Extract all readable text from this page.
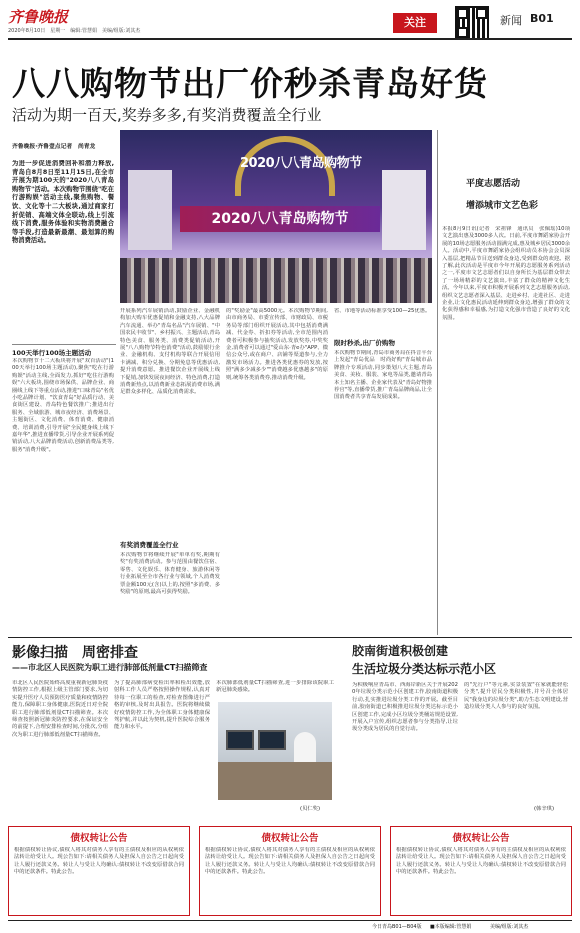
齐鲁晚报
2020年8月10日　星期一　编辑:管慧娟　美编/组版:刘其杰
关注	新闻 B01
八八购物节出厂价秒杀青岛好货
活动为期一百天,奖券多多,有奖消费覆盖全行业
齐鲁晚报·齐鲁壹点记者　尚青龙
2020八八青岛购物节
2020八八青岛购物节
为进一步促进消费回补和潜力释放,青岛自8月8日至11月15日,在全市开展为期100天的"2020八八青岛购物节"活动。本次购物节围绕"吃在行游购娱"活动主线,聚焦购物、餐饮、文化等十二大板块,通过商家打折促销、高端文体全联动,线上引流线下消费,服务体验和实物消费融合等手段,打造最新最潮、最划算的购物消费活动。
100天举行100场主题活动
本次购物节十二大板块将开展"双百活动"(100天举行100场主题活动),聚焦"吃在行游购娱"活动主线,全面发力,抓好"吃住行游购娱"六大板块,围绕市场保供、品牌企业、商圈线上线下等重点活动,推进"口味青岛"名优小吃品牌计划、"饮食青岛"好品质行动、美食街区建设、青岛特色餐饮推广;推进出行服务、全域旅游、城市夜经济、消费场景、主题街区、文化消费、体育消费、健康消费、培训消费,引导开展"全民健身线上线下嘉年华",推进直播带货,引导企业开展系列促销活动,八大品牌消费活动,创新消费品类等,服务"消费升级"。
开展系列汽车展销活动,鼓励企业、金融机构加大购车优惠促销和金融支持,八大品牌汽车流通、举办"青岛名品"汽车展销、"中国农民丰收节"、乡村振兴、主题活动,青岛特色美食、服务类、消费类促销活动,开展"八八购物节特色消费"活动,鼓励银行企业、金融机构、支付机构等联合开展信用卡满减、积分兑换、分期免息等优惠活动,提升消费意愿。推进餐饮企业开展线上线下促销,加快发展夜间经济、特色消费,打造消费新热点,以消费新业态拓展消费市场,满足群众多样化、品质化消费需求。
有奖消费覆盖全行业
本次购物节将继续开展"单单有奖,期期有奖"有奖消费活动。参与范围由餐饮住宿、零售、文化娱乐、体育健身、旅游休闲等行业拓展至全市各行业与领域,个人消费发票金额100元(含)以上的,按照"多消费、多奖励"的原则,最高可获得奖励。
的"奖励金"最高5000元。本次购物节期间,由市商务局、市委宣传部、市财政局、市税务局等部门组织开展活动,其中包括消费满减、代金券、折扣券等活动,全市范围内消费者可积极参与抽奖活动,发放奖券,中奖奖金,消费者可以通过"爱山东·青e办"APP、微信公众号,或在商户、店铺等渠道参与,全力激发市场活力。推进各类优惠券的发放,按照"满多少减多少""消费越多优惠越多"的原则,统筹各类消费券,推动消费升级。
省、市地等活动标准享受100—25优惠。
限时秒杀,出厂价购物
本次购物节期间,青岛市商务局在抖音平台上发起"青岛优品　时尚好购"青岛城市品牌推介专项活动,同步策划八大主题,青岛美食、美妆、服装、家电等品类,邀请青岛本土知名主播、企业家代表及"青岛好物推荐官"等,直播带货,推广青岛品牌商品,让全国消费者共享青岛发展成果。
平度志愿活动
增添城市文艺色彩
本报8月9日讯(记者　宋祖锋　通讯员　张佩瑶)10项文艺演出惠及3000多人次。日前,平度市舞蹈家协会开展的10场志愿服务活动圆满完成,惠及城乡居民3000余人。活动中,平度市舞蹈家协会组织动员本协会会员深入基层,把精品节目送到群众身边,受到群众的欢迎。据了解,此次活动是平度市今年开展的志愿服务系列活动之一,平度市文艺志愿者们以自身所长为基层群众带去了一场场精彩的文艺演出,丰富了群众的精神文化生活。今年以来,平度市积极开展系列文艺志愿服务活动,组织文艺志愿者深入基层、走进乡村、走进社区、走进企业,让文化惠民活动延伸到群众身边,增强了群众的文化获得感和幸福感,为打造文化强市营造了良好的文化氛围。
影像扫描　周密排查
——市北区人民医院为职工进行肺部低剂量CT扫描筛查
市北区人民医院始终高度重视新冠肺炎疫情防控工作,根据上级主管部门要求,为切实提升医疗人员预防医疗质量和疫情防控能力,保障职工身体健康,医院近日对全院职工进行肺部低剂量CT扫描筛查。本次筛查按照新冠肺炎防控要求,在保证安全的前提下,合理安排检查时间,分批次,分组次为职工进行肺部低剂量CT扫描筛查。
为了提高肺部病变检出率和检出效能,放射科工作人员严格按照操作规程,认真对待每一位职工的检查,对检查图像进行严格的审核,及时出具报告。医院将继续做好疫情防控工作,为全体职工身体健康保驾护航,并以此为契机,提升医院综合服务能力和水平。
本次肺部低剂量CT扫描筛查,进一步排除该院职工新冠肺炎感染。
(贝仁奖)
胶南街道积极创建
生活垃圾分类达标示范小区
为积极响应青岛市、西海岸新区关于开展2020年垃圾分类示范小区创建工作,胶南街道积极行动,扎实推进垃圾分类工作的开展。截至目前,胶南街道已积极推进垃圾分类达标示范小区创建工作,完成小区垃圾分类桶站规范设置,开展入户宣传,组织志愿者参与分类指导,让垃圾分类成为居民的自觉行动。
的"先行户"等元素,实景装置"在家就能轻松分类",提升居民分类积极性,并号召全体居民"我身边的垃圾分类",助力生态文明建设,营造垃圾分类人人参与的良好氛围。
(韩辛琪)
债权转让公告
根据债权转让协议,债权人将其对债务人享有的主债权及相应的从权利依法转让给受让人。现公告如下:请相关债务人及担保人自公告之日起向受让人履行还款义务。转让人与受让人均确认:债权转让不改变原借款合同中的还款条件。特此公告。
债权转让公告
根据债权转让协议,债权人将其对债务人享有的主债权及相应的从权利依法转让给受让人。现公告如下:请相关债务人及担保人自公告之日起向受让人履行还款义务。转让人与受让人均确认:债权转让不改变原借款合同中的还款条件。特此公告。
债权转让公告
根据债权转让协议,债权人将其对债务人享有的主债权及相应的从权利依法转让给受让人。现公告如下:请相关债务人及担保人自公告之日起向受让人履行还款义务。转让人与受让人均确认:债权转让不改变原借款合同中的还款条件。特此公告。
今日青岛B01—B04版 ■本版编辑:管慧娟	美编/组版:刘其杰
